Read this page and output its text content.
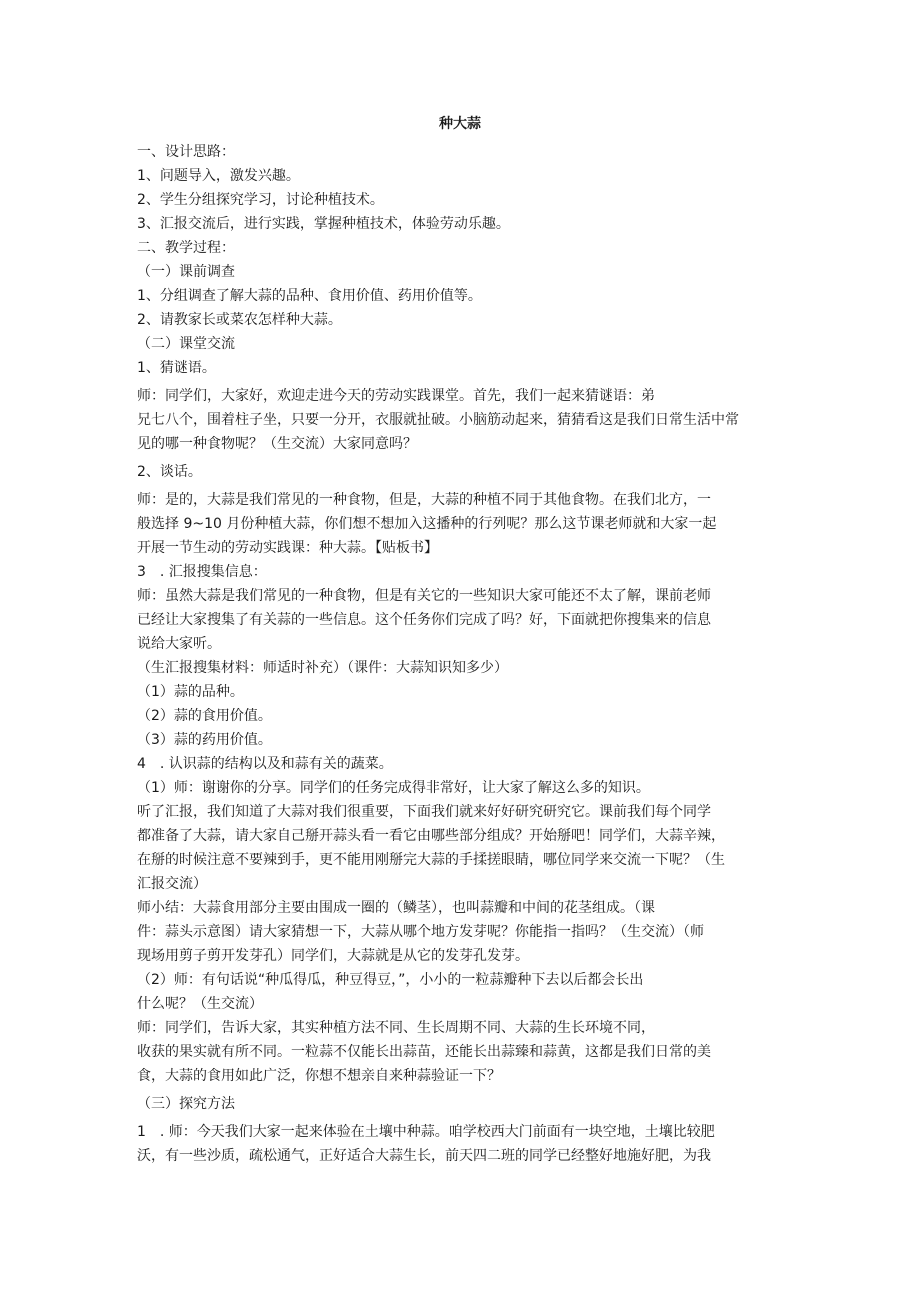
种大蒜
一、设计思路：
1、问题导入，激发兴趣。
2、学生分组探究学习，讨论种植技术。
3、汇报交流后，进行实践，掌握种植技术，体验劳动乐趣。
二、教学过程：
（一）课前调查
1、分组调查了解大蒜的品种、食用价值、药用价值等。
2、请教家长或菜农怎样种大蒜。
（二）课堂交流
1、猜谜语。
师：同学们，大家好，欢迎走进今天的劳动实践课堂。首先，我们一起来猜谜语：弟
兄七八个，围着柱子坐，只要一分开，衣服就扯破。小脑筋动起来，猜猜看这是我们日常生活中常
见的哪一种食物呢？（生交流）大家同意吗？
2、谈话。
师：是的，大蒜是我们常见的一种食物，但是，大蒜的种植不同于其他食物。在我们北方，一
般选择 9~10 月份种植大蒜，你们想不想加入这播种的行列呢？那么这节课老师就和大家一起
开展一节生动的劳动实践课：种大蒜。【贴板书】
3　. 汇报搜集信息：
师：虽然大蒜是我们常见的一种食物，但是有关它的一些知识大家可能还不太了解，课前老师
已经让大家搜集了有关蒜的一些信息。这个任务你们完成了吗？好，下面就把你搜集来的信息
说给大家听。
（生汇报搜集材料：师适时补充）（课件：大蒜知识知多少）
（1）蒜的品种。
（2）蒜的食用价值。
（3）蒜的药用价值。
4　. 认识蒜的结构以及和蒜有关的蔬菜。
（1）师：谢谢你的分享。同学们的任务完成得非常好，让大家了解这么多的知识。
听了汇报，我们知道了大蒜对我们很重要，下面我们就来好好研究研究它。课前我们每个同学
都准备了大蒜，请大家自己掰开蒜头看一看它由哪些部分组成？开始掰吧！同学们，大蒜辛辣，
在掰的时候注意不要辣到手，更不能用刚掰完大蒜的手揉搓眼睛，哪位同学来交流一下呢？（生
汇报交流）
师小结：大蒜食用部分主要由围成一圈的（鳞茎），也叫蒜瓣和中间的花茎组成。（课
件：蒜头示意图）请大家猜想一下，大蒜从哪个地方发芽呢？你能指一指吗？（生交流）（师
现场用剪子剪开发芽孔）同学们，大蒜就是从它的发芽孔发芽。
（2）师：有句话说“种瓜得瓜，种豆得豆，”，小小的一粒蒜瓣种下去以后都会长出
什么呢？（生交流）
师：同学们，告诉大家，其实种植方法不同、生长周期不同、大蒜的生长环境不同，
收获的果实就有所不同。一粒蒜不仅能长出蒜苗，还能长出蒜臻和蒜黄，这都是我们日常的美
食，大蒜的食用如此广泛，你想不想亲自来种蒜验证一下？
（三）探究方法
1　. 师：今天我们大家一起来体验在土壤中种蒜。咱学校西大门前面有一块空地，土壤比较肥
沃，有一些沙质，疏松通气，正好适合大蒜生长，前天四二班的同学已经整好地施好肥，为我
